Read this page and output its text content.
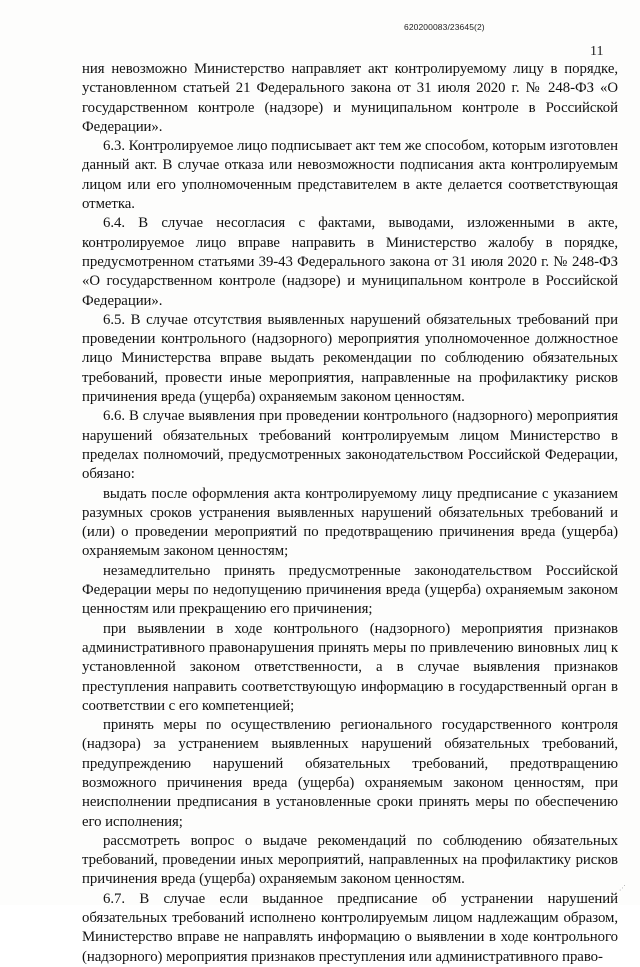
620200083/23645(2)
11

ния невозможно Министерство направляет акт контролируемому лицу в порядке, установленном статьей 21 Федерального закона от 31 июля 2020 г. № 248-ФЗ «О государственном контроле (надзоре) и муниципальном контроле в Российской Федерации».

6.3. Контролируемое лицо подписывает акт тем же способом, которым изготовлен данный акт. В случае отказа или невозможности подписания акта контролируемым лицом или его уполномоченным представителем в акте делается соответствующая отметка.

6.4. В случае несогласия с фактами, выводами, изложенными в акте, контролируемое лицо вправе направить в Министерство жалобу в порядке, предусмотренном статьями 39-43 Федерального закона от 31 июля 2020 г. № 248-ФЗ «О государственном контроле (надзоре) и муниципальном контроле в Российской Федерации».

6.5. В случае отсутствия выявленных нарушений обязательных требований при проведении контрольного (надзорного) мероприятия уполномоченное должностное лицо Министерства вправе выдать рекомендации по соблюдению обязательных требований, провести иные мероприятия, направленные на профилактику рисков причинения вреда (ущерба) охраняемым законом ценностям.

6.6. В случае выявления при проведении контрольного (надзорного) мероприятия нарушений обязательных требований контролируемым лицом Министерство в пределах полномочий, предусмотренных законодательством Российской Федерации, обязано:

выдать после оформления акта контролируемому лицу предписание с указанием разумных сроков устранения выявленных нарушений обязательных требований и (или) о проведении мероприятий по предотвращению причинения вреда (ущерба) охраняемым законом ценностям;

незамедлительно принять предусмотренные законодательством Российской Федерации меры по недопущению причинения вреда (ущерба) охраняемым законом ценностям или прекращению его причинения;

при выявлении в ходе контрольного (надзорного) мероприятия признаков административного правонарушения принять меры по привлечению виновных лиц к установленной законом ответственности, а в случае выявления признаков преступления направить соответствующую информацию в государственный орган в соответствии с его компетенцией;

принять меры по осуществлению регионального государственного контроля (надзора) за устранением выявленных нарушений обязательных требований, предупреждению нарушений обязательных требований, предотвращению возможного причинения вреда (ущерба) охраняемым законом ценностям, при неисполнении предписания в установленные сроки принять меры по обеспечению его исполнения;

рассмотреть вопрос о выдаче рекомендаций по соблюдению обязательных требований, проведении иных мероприятий, направленных на профилактику рисков причинения вреда (ущерба) охраняемым законом ценностям.

6.7. В случае если выданное предписание об устранении нарушений обязательных требований исполнено контролируемым лицом надлежащим образом, Министерство вправе не направлять информацию о выявлении в ходе контрольного (надзорного) мероприятия признаков преступления или административного право-

⋰
